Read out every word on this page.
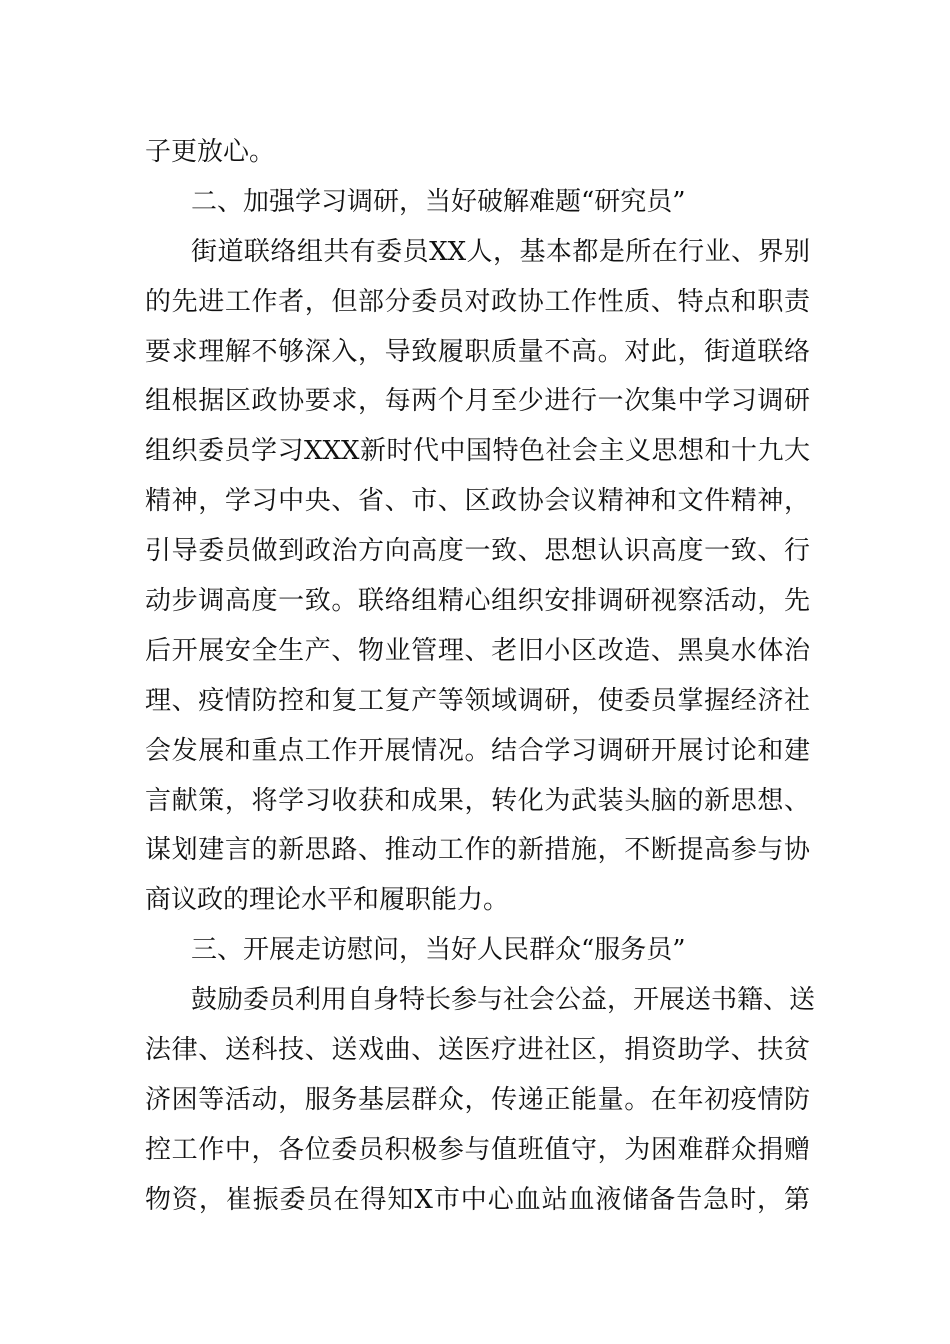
子更放心。
二、加强学习调研，当好破解难题“研究员”
街道联络组共有委员XX人，基本都是所在行业、界别
的先进工作者，但部分委员对政协工作性质、特点和职责
要求理解不够深入，导致履职质量不高。对此，街道联络
组根据区政协要求，每两个月至少进行一次集中学习调研
组织委员学习XXX新时代中国特色社会主义思想和十九大
精神，学习中央、省、市、区政协会议精神和文件精神，
引导委员做到政治方向高度一致、思想认识高度一致、行
动步调高度一致。联络组精心组织安排调研视察活动，先
后开展安全生产、物业管理、老旧小区改造、黑臭水体治
理、疫情防控和复工复产等领域调研，使委员掌握经济社
会发展和重点工作开展情况。结合学习调研开展讨论和建
言献策，将学习收获和成果，转化为武装头脑的新思想、
谋划建言的新思路、推动工作的新措施，不断提高参与协
商议政的理论水平和履职能力。
三、开展走访慰问，当好人民群众“服务员”
鼓励委员利用自身特长参与社会公益，开展送书籍、送
法律、送科技、送戏曲、送医疗进社区，捐资助学、扶贫
济困等活动，服务基层群众，传递正能量。在年初疫情防
控工作中，各位委员积极参与值班值守，为困难群众捐赠
物资，崔振委员在得知X市中心血站血液储备告急时，第
